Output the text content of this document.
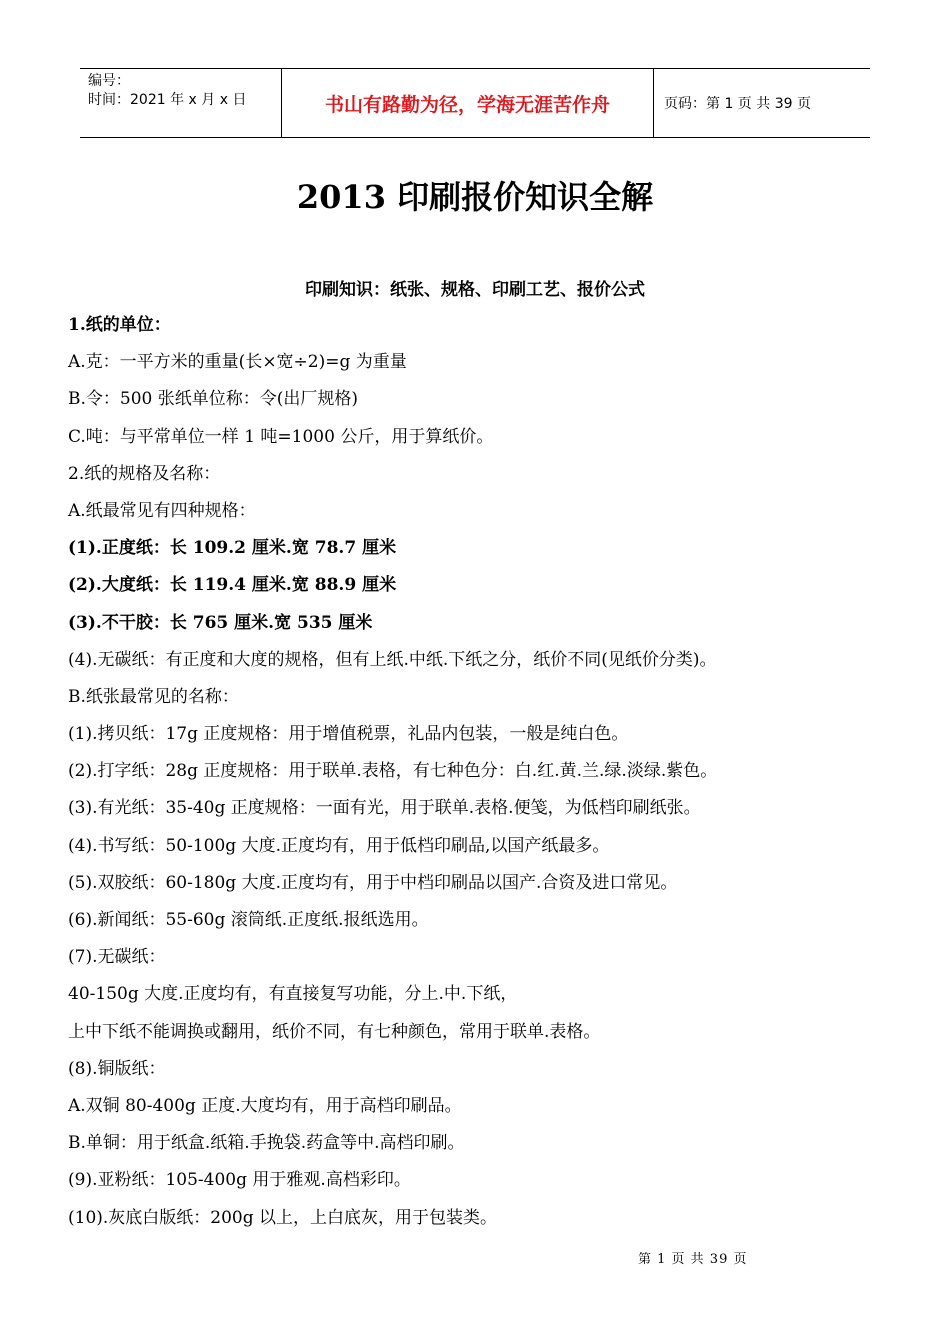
编号：
时间：2021 年 x 月 x 日	书山有路勤为径，学海无涯苦作舟	页码：第 1 页 共 39 页
2013 印刷报价知识全解
印刷知识：纸张、规格、印刷工艺、报价公式
1.纸的单位：
A.克：一平方米的重量(长×宽÷2)=g 为重量
B.令：500 张纸单位称：令(出厂规格)
C.吨：与平常单位一样 1 吨=1000 公斤，用于算纸价。
2.纸的规格及名称：
A.纸最常见有四种规格：
(1).正度纸：长 109.2 厘米.宽 78.7 厘米
(2).大度纸：长 119.4 厘米.宽 88.9 厘米
(3).不干胶：长 765 厘米.宽 535 厘米
(4).无碳纸：有正度和大度的规格，但有上纸.中纸.下纸之分，纸价不同(见纸价分类)。
B.纸张最常见的名称：
(1).拷贝纸：17g 正度规格：用于增值税票，礼品内包装，一般是纯白色。
(2).打字纸：28g 正度规格：用于联单.表格，有七种色分：白.红.黄.兰.绿.淡绿.紫色。
(3).有光纸：35-40g 正度规格：一面有光，用于联单.表格.便笺，为低档印刷纸张。
(4).书写纸：50-100g 大度.正度均有，用于低档印刷品,以国产纸最多。
(5).双胶纸：60-180g 大度.正度均有，用于中档印刷品以国产.合资及进口常见。
(6).新闻纸：55-60g 滚筒纸.正度纸.报纸选用。
(7).无碳纸：
40-150g 大度.正度均有，有直接复写功能，分上.中.下纸，
上中下纸不能调换或翻用，纸价不同，有七种颜色，常用于联单.表格。
(8).铜版纸：
A.双铜 80-400g 正度.大度均有，用于高档印刷品。
B.单铜：用于纸盒.纸箱.手挽袋.药盒等中.高档印刷。
(9).亚粉纸：105-400g 用于雅观.高档彩印。
(10).灰底白版纸：200g 以上，上白底灰，用于包装类。
第 1 页 共 39 页
